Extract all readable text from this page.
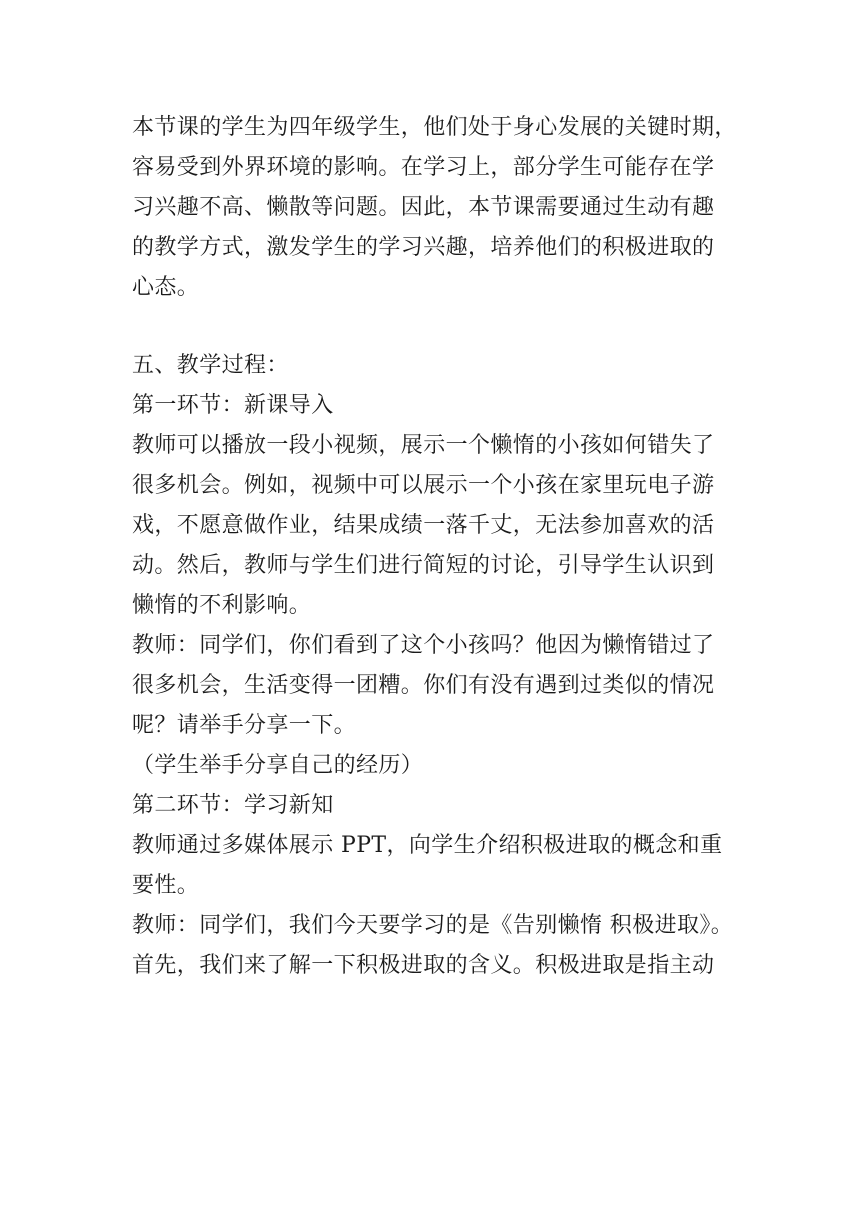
本节课的学生为四年级学生，他们处于身心发展的关键时期，
容易受到外界环境的影响。在学习上，部分学生可能存在学
习兴趣不高、懒散等问题。因此，本节课需要通过生动有趣
的教学方式，激发学生的学习兴趣，培养他们的积极进取的
心态。
五、教学过程：
第一环节：新课导入
教师可以播放一段小视频，展示一个懒惰的小孩如何错失了
很多机会。例如，视频中可以展示一个小孩在家里玩电子游
戏，不愿意做作业，结果成绩一落千丈，无法参加喜欢的活
动。然后，教师与学生们进行简短的讨论，引导学生认识到
懒惰的不利影响。
教师：同学们，你们看到了这个小孩吗？他因为懒惰错过了
很多机会，生活变得一团糟。你们有没有遇到过类似的情况
呢？请举手分享一下。
（学生举手分享自己的经历）
第二环节：学习新知
教师通过多媒体展示 PPT，向学生介绍积极进取的概念和重
要性。
教师：同学们，我们今天要学习的是《告别懒惰 积极进取》。
首先，我们来了解一下积极进取的含义。积极进取是指主动
